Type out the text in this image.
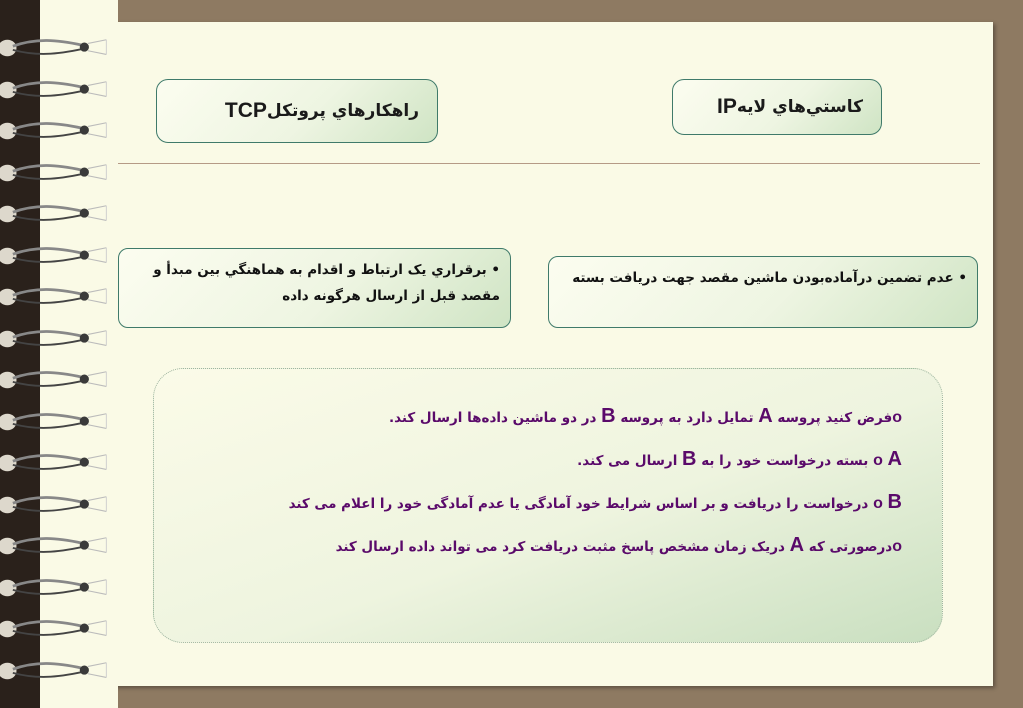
راهکارهاي پروتکل
TCP	کاستي‌هاي لايه
IP
• برقراري يک ارتباط و اقدام به هماهنگي بين مبدأ و مقصد قبل از ارسال هرگونه داده
• عدم تضمين درآماده‌بودن ماشين مقصد جهت دريافت بسته
oفرض کنید پروسه A تمایل دارد به پروسه B در دو ماشین داده‌ها ارسال کند.
o A بسته درخواست خود را به B ارسال می کند.
o B درخواست را دریافت و بر اساس شرایط خود آمادگی یا عدم آمادگی خود را اعلام می کند
oدرصورتی که A دریک زمان مشخص پاسخ مثبت دریافت کرد می تواند داده ارسال کند
